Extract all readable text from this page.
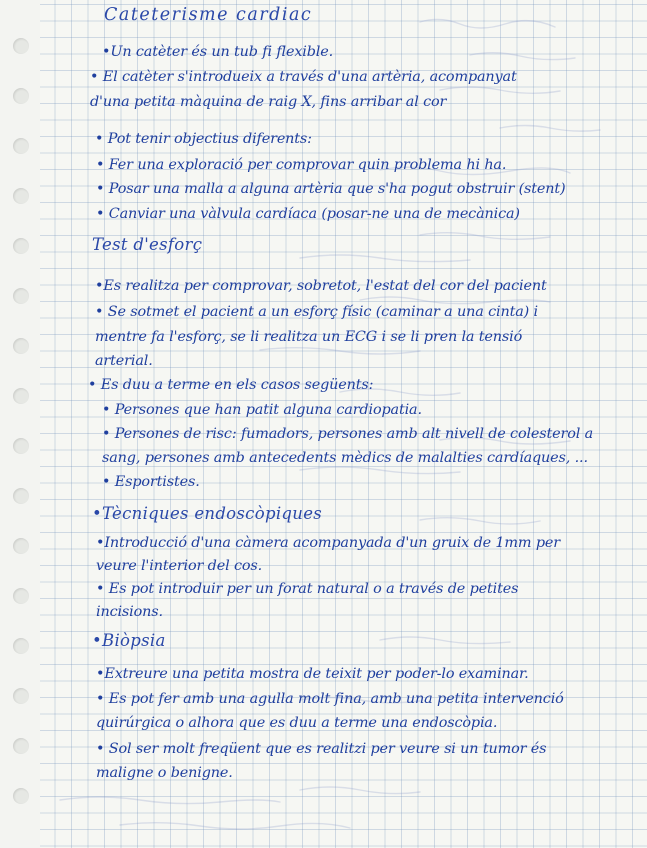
Cateterisme cardiac
•Un catèter és un tub fi flexible.
• El catèter s'introdueix a través d'una artèria, acompanyat
d'una petita màquina de raig X, fins arribar al cor
• Pot tenir objectius diferents:
• Fer una exploració per comprovar quin problema hi ha.
• Posar una malla a alguna artèria que s'ha pogut obstruir (stent)
• Canviar una vàlvula cardíaca (posar-ne una de mecànica)
Test d'esforç
•Es realitza per comprovar, sobretot, l'estat del cor del pacient
• Se sotmet el pacient a un esforç físic (caminar a una cinta) i
mentre fa l'esforç, se li realitza un ECG i se li pren la tensió
arterial.
• Es duu a terme en els casos següents:
• Persones que han patit alguna cardiopatia.
• Persones de risc: fumadors, persones amb alt nivell de colesterol a
sang, persones amb antecedents mèdics de malalties cardíaques, ...
• Esportistes.
•Tècniques endoscòpiques
•Introducció d'una càmera acompanyada d'un gruix de 1mm per
veure l'interior del cos.
• Es pot introduir per un forat natural o a través de petites
incisions.
•Biòpsia
•Extreure una petita mostra de teixit per poder-lo examinar.
• Es pot fer amb una agulla molt fina, amb una petita intervenció
quirúrgica o alhora que es duu a terme una endoscòpia.
• Sol ser molt freqüent que es realitzi per veure si un tumor és
maligne o benigne.
